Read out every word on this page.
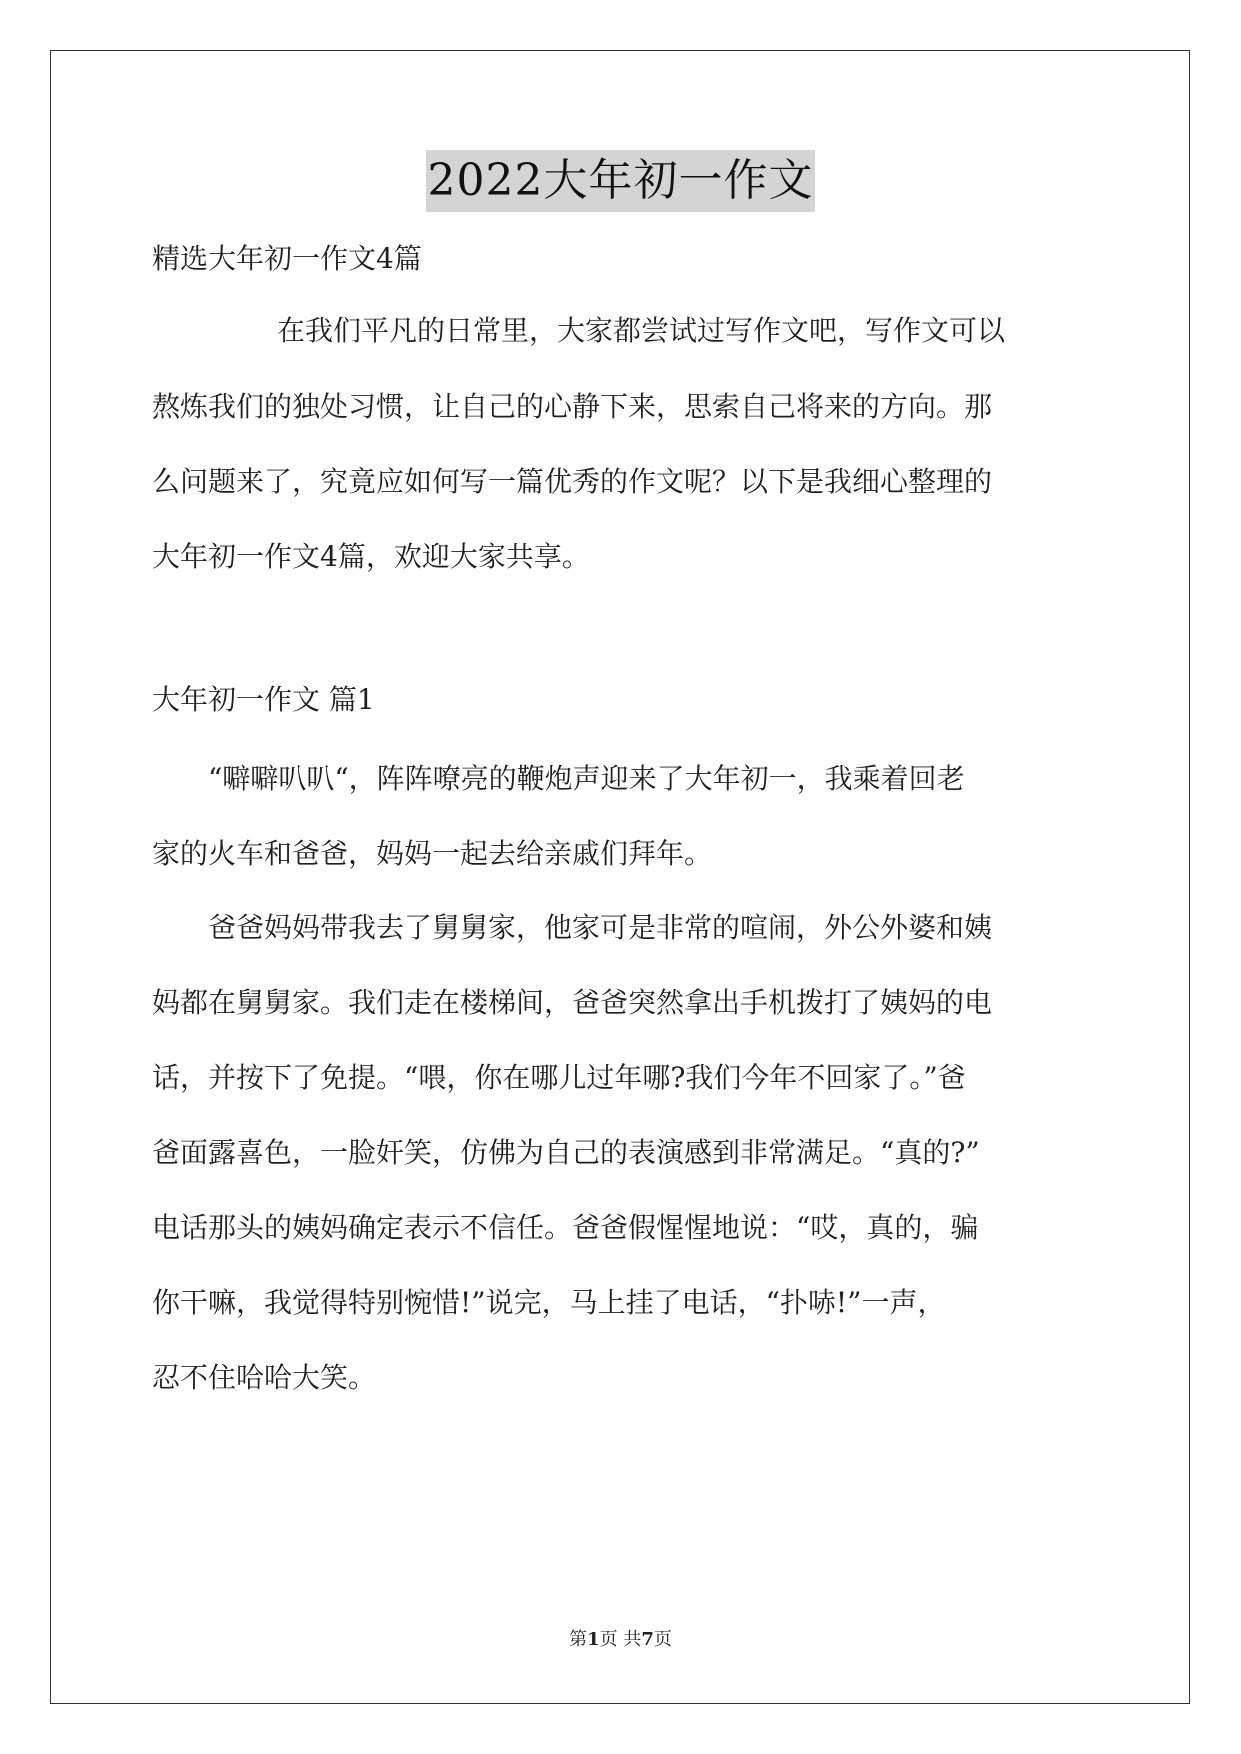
2022大年初一作文
精选大年初一作文4篇
在我们平凡的日常里，大家都尝试过写作文吧，写作文可以
熬炼我们的独处习惯，让自己的心静下来，思索自己将来的方向。那
么问题来了，究竟应如何写一篇优秀的作文呢？以下是我细心整理的
大年初一作文4篇，欢迎大家共享。
大年初一作文 篇1
“噼噼叭叭“，阵阵嘹亮的鞭炮声迎来了大年初一，我乘着回老
家的火车和爸爸，妈妈一起去给亲戚们拜年。
爸爸妈妈带我去了舅舅家，他家可是非常的喧闹，外公外婆和姨
妈都在舅舅家。我们走在楼梯间，爸爸突然拿出手机拨打了姨妈的电
话，并按下了免提。“喂，你在哪儿过年哪?我们今年不回家了。”爸
爸面露喜色，一脸奸笑，仿佛为自己的表演感到非常满足。“真的?”
电话那头的姨妈确定表示不信任。爸爸假惺惺地说：“哎，真的，骗
你干嘛，我觉得特别惋惜!”说完，马上挂了电话，“扑哧!”一声，
忍不住哈哈大笑。
第1页 共7页
